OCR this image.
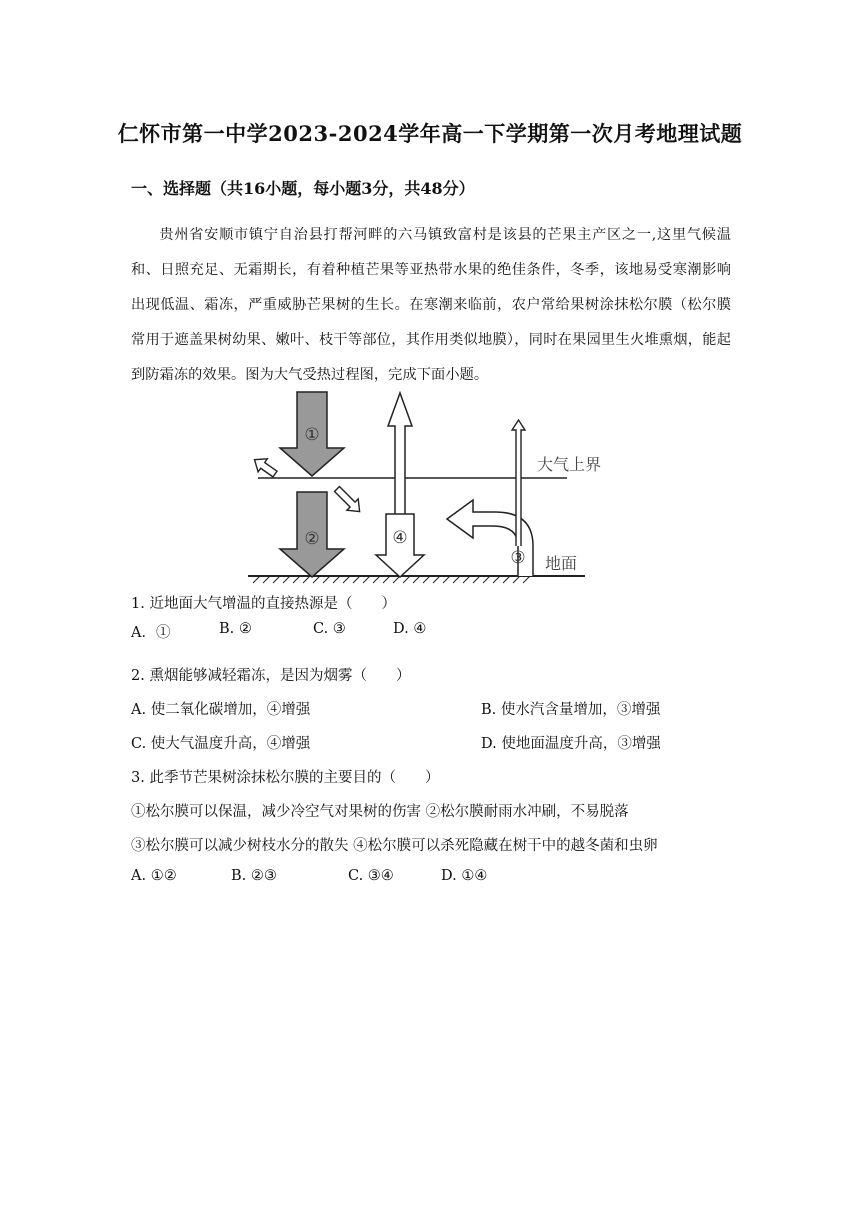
仁怀市第一中学2023-2024学年高一下学期第一次月考地理试题
一、选择题（共16小题，每小题3分，共48分）
贵州省安顺市镇宁自治县打帮河畔的六马镇致富村是该县的芒果主产区之一,这里气候温和、日照充足、无霜期长，有着种植芒果等亚热带水果的绝佳条件，冬季，该地易受寒潮影响出现低温、霜冻，严重威胁芒果树的生长。在寒潮来临前，农户常给果树涂抹松尔膜（松尔膜常用于遮盖果树幼果、嫩叶、枝干等部位，其作用类似地膜），同时在果园里生火堆熏烟，能起到防霜冻的效果。图为大气受热过程图，完成下面小题。
①
②	④
③
大气上界
地面
1. 近地面大气增温的直接热源是（　　）
A．①	B. ②	C. ③	D. ④
2. 熏烟能够减轻霜冻，是因为烟雾（　　）
A. 使二氧化碳增加，④增强	B. 使水汽含量增加，③增强
C. 使大气温度升高，④增强	D. 使地面温度升高，③增强
3. 此季节芒果树涂抹松尔膜的主要目的（　　）
①松尔膜可以保温，减少冷空气对果树的伤害 ②松尔膜耐雨水冲刷，不易脱落
③松尔膜可以减少树枝水分的散失 ④松尔膜可以杀死隐藏在树干中的越冬菌和虫卵
A. ①②	B. ②③	C. ③④	D. ①④
